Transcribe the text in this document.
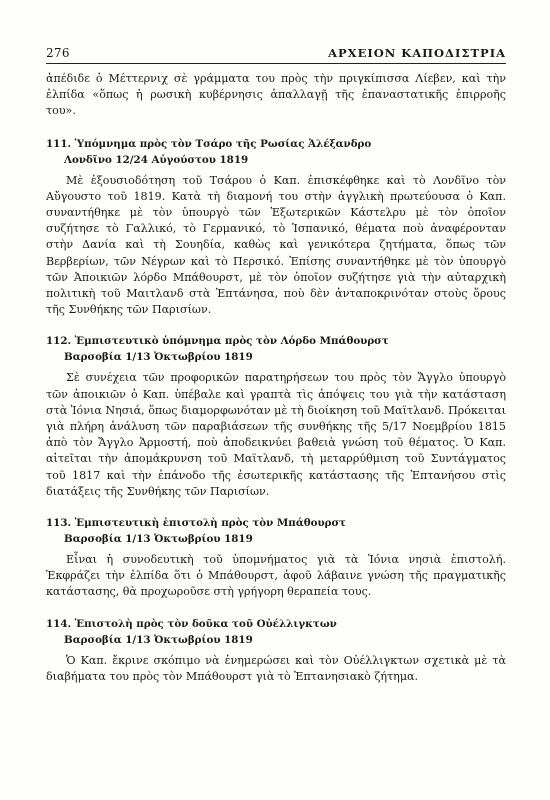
276	ΑΡΧΕΙΟΝ ΚΑΠΟΔΙΣΤΡΙΑ

ἀπέδιδε ὁ Μέττερνιχ σὲ γράμματα του πρὸς τὴν πριγκίπισσα Λίεβεν, καὶ τὴν ἐλπίδα «ὅπως ἡ ρωσικὴ κυβέρνησις ἀπαλλαγῇ τῆς ἐπαναστατικῆς ἐπιρροῆς του».

111. Ὑπόμνημα πρὸς τὸν Τσάρο τῆς Ρωσίας Ἀλέξανδρο
Λονδῖνο 12/24 Αὐγούστου 1819

Μὲ ἐξουσιοδότηση τοῦ Τσάρου ὁ Καπ. ἐπισκέφθηκε καὶ τὸ Λονδῖνο τὸν Αὔγουστο τοῦ 1819. Κατὰ τὴ διαμονή του στὴν ἀγγλικὴ πρωτεύουσα ὁ Καπ. συναντήθηκε μὲ τὸν ὑπουργὸ τῶν Ἐξωτερικῶν Κάστελρυ μὲ τὸν ὁποῖον συζήτησε τὸ Γαλλικό, τὸ Γερμανικό, τὸ Ἱσπανικό, θέματα ποὺ ἀναφέρονταν στὴν Δανία καὶ τὴ Σουηδία, καθὼς καὶ γενικότερα ζητήματα, ὅπως τῶν Βερβερίων, τῶν Νέγρων καὶ τὸ Περσικό. Ἐπίσης συναντήθηκε μὲ τὸν ὑπουργὸ τῶν Ἀποικιῶν λόρδο Μπάθουρστ, μὲ τὸν ὁποῖον συζήτησε γιὰ τὴν αὐταρχικὴ πολιτικὴ τοῦ Μαιτλανδ στὰ Ἑπτάνησα, ποὺ δὲν ἀνταποκρινόταν στοὺς ὅρους τῆς Συνθήκης τῶν Παρισίων.

112. Ἐμπιστευτικὸ ὑπόμνημα πρὸς τὸν Λόρδο Μπάθουρστ
Βαρσοβία 1/13 Ὀκτωβρίου 1819

Σὲ συνέχεια τῶν προφορικῶν παρατηρήσεων του πρὸς τὸν Ἄγγλο ὑπουργὸ τῶν ἀποικιῶν ὁ Καπ. ὑπέβαλε καὶ γραπτὰ τὶς ἀπόψεις του γιὰ τὴν κατάσταση στὰ Ἰόνια Νησιά, ὅπως διαμορφωνόταν μὲ τὴ διοίκηση τοῦ Μαϊτλανδ. Πρόκειται γιὰ πλήρη ἀνάλυση τῶν παραβιάσεων τῆς συνθήκης τῆς 5/17 Νοεμβρίου 1815 ἀπὸ τὸν Ἄγγλο Ἁρμοστή, ποὺ ἀποδεικνύει βαθειὰ γνώση τοῦ θέματος. Ὁ Καπ. αἰτεῖται τὴν ἀπομάκρυνση τοῦ Μαϊτλανδ, τὴ μεταρρύθμιση τοῦ Συντάγματος τοῦ 1817 καὶ τὴν ἐπάνοδο τῆς ἐσωτερικῆς κατάστασης τῆς Ἑπτανήσου στὶς διατάξεις τῆς Συνθήκης τῶν Παρισίων.

113. Ἐμπιστευτικὴ ἐπιστολὴ πρὸς τὸν Μπάθουρστ
Βαρσοβία 1/13 Ὀκτωβρίου 1819

Εἶναι ἡ συνοδευτικὴ τοῦ ὑπομνήματος γιὰ τὰ Ἰόνια νησιὰ ἐπιστολή. Ἐκφράζει τὴν ἐλπίδα ὅτι ὁ Μπάθουρστ, ἀφοῦ λάβαινε γνώση τῆς πραγματικῆς κατάστασης, θὰ προχωροῦσε στὴ γρήγορη θεραπεία τους.

114. Ἐπιστολὴ πρὸς τὸν δοῦκα τοῦ Οὐέλλιγκτων
Βαρσοβία 1/13 Ὀκτωβρίου 1819

Ὁ Καπ. ἔκρινε σκόπιμο νὰ ἐνημερώσει καὶ τὸν Οὐέλλιγκτων σχετικὰ μὲ τὰ διαβήματα του πρὸς τὸν Μπάθουρστ γιὰ τὸ Ἑπτανησιακὸ ζήτημα.
